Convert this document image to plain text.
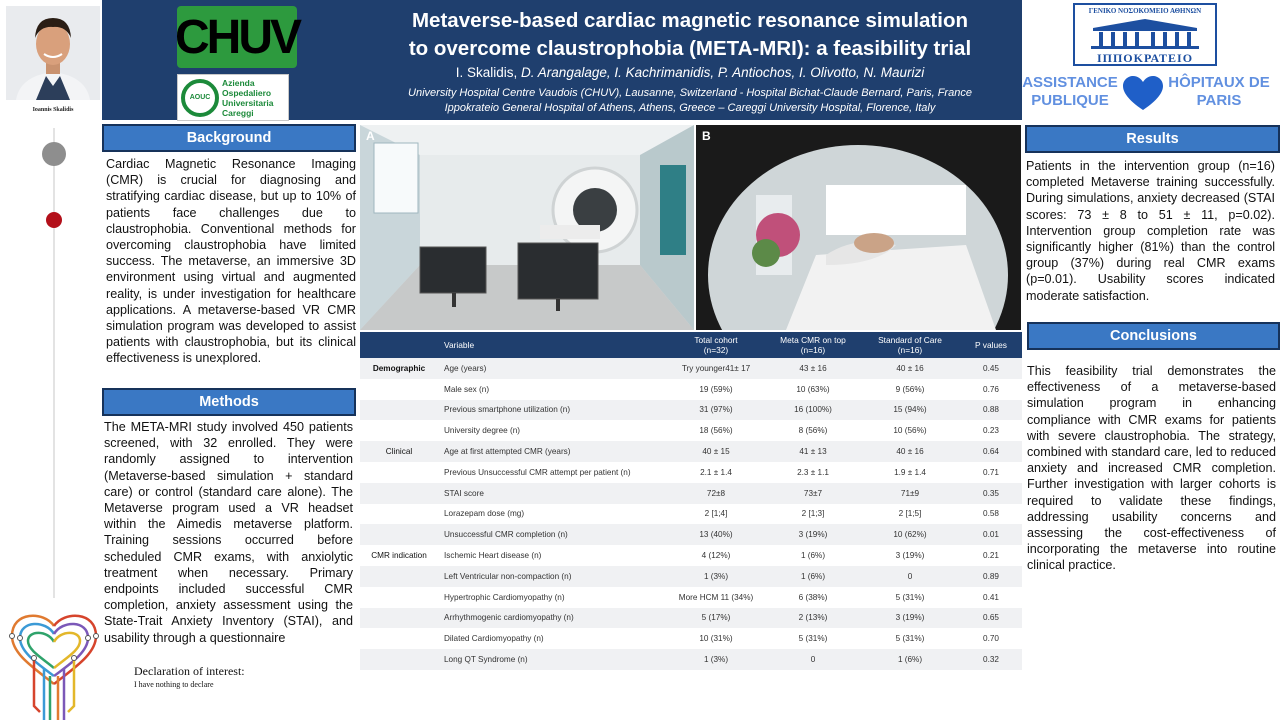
Ioannis Skalidis
CHUV
AOUC
Azienda Ospedaliero Universitaria Careggi
Metaverse-based cardiac magnetic resonance simulation
to overcome claustrophobia (META-MRI): a feasibility trial
I. Skalidis, D. Arangalage, I. Kachrimanidis, P. Antiochos, I. Olivotto, N. Maurizi
University Hospital Centre Vaudois (CHUV), Lausanne, Switzerland - Hospital Bichat-Claude Bernard, Paris, France
Ippokrateio General Hospital of Athens, Athens, Greece – Careggi University Hospital, Florence, Italy
ΓΕΝΙΚΟ ΝΟΣΟΚΟΜΕΙΟ ΑΘΗΝΩΝ
ΙΠΠΟΚΡΑΤΕΙΟ
ASSISTANCE PUBLIQUE
HÔPITAUX DE PARIS
Background
Cardiac Magnetic Resonance Imaging (CMR) is crucial for diagnosing and stratifying cardiac disease, but up to 10% of patients face challenges due to claustrophobia. Conventional methods for overcoming claustrophobia have limited success. The metaverse, an immersive 3D environment using virtual and augmented reality, is under investigation for healthcare applications. A metaverse-based VR CMR simulation program was developed to assist patients with claustrophobia, but its clinical effectiveness is unexplored.
Methods
The META-MRI study involved 450 patients screened, with 32 enrolled. They were randomly assigned to intervention (Metaverse-based simulation + standard care) or control (standard care alone). The Metaverse program used a VR headset within the Aimedis metaverse platform. Training sessions occurred before scheduled CMR exams, with anxiolytic treatment when necessary. Primary endpoints included successful CMR completion, anxiety assessment using the State-Trait Anxiety Inventory (STAI), and usability through a questionnaire
Declaration of interest:
I have nothing to declare
A	B
	Variable	Total cohort
(n=32)	Meta CMR on top
(n=16)	Standard of Care
(n=16)	P values
Demographic	Age (years)	Try younger41± 17	43 ± 16	40 ± 16	0.45
	Male sex (n)	19 (59%)	10 (63%)	9 (56%)	0.76
	Previous smartphone utilization (n)	31 (97%)	16 (100%)	15 (94%)	0.88
	University degree (n)	18 (56%)	8 (56%)	10 (56%)	0.23
Clinical	Age at first attempted CMR (years)	40 ± 15	41 ± 13	40 ± 16	0.64
	Previous Unsuccessful CMR attempt per patient (n)	2.1 ± 1.4	2.3 ± 1.1	1.9 ± 1.4	0.71
	STAI score	72±8	73±7	71±9	0.35
	Lorazepam dose (mg)	2 [1;4]	2 [1;3]	2 [1;5]	0.58
	Unsuccessful CMR completion (n)	13 (40%)	3 (19%)	10 (62%)	0.01
CMR indication	Ischemic Heart disease (n)	4 (12%)	1 (6%)	3 (19%)	0.21
	Left Ventricular non-compaction (n)	1 (3%)	1 (6%)	0	0.89
	Hypertrophic Cardiomyopathy (n)	More HCM 11 (34%)	6 (38%)	5 (31%)	0.41
	Arrhythmogenic cardiomyopathy (n)	5 (17%)	2 (13%)	3 (19%)	0.65
	Dilated Cardiomyopathy (n)	10 (31%)	5 (31%)	5 (31%)	0.70
	Long QT Syndrome (n)	1 (3%)	0	1 (6%)	0.32
Results
Patients in the intervention group (n=16) completed Metaverse training successfully. During simulations, anxiety decreased (STAI scores: 73 ± 8 to 51 ± 11, p=0.02). Intervention group completion rate was significantly higher (81%) than the control group (37%) during real CMR exams (p=0.01). Usability scores indicated moderate satisfaction.
Conclusions
This feasibility trial demonstrates the effectiveness of a metaverse-based simulation program in enhancing compliance with CMR exams for patients with severe claustrophobia. The strategy, combined with standard care, led to reduced anxiety and increased CMR completion. Further investigation with larger cohorts is required to validate these findings, addressing usability concerns and assessing the cost-effectiveness of incorporating the metaverse into routine clinical practice.
